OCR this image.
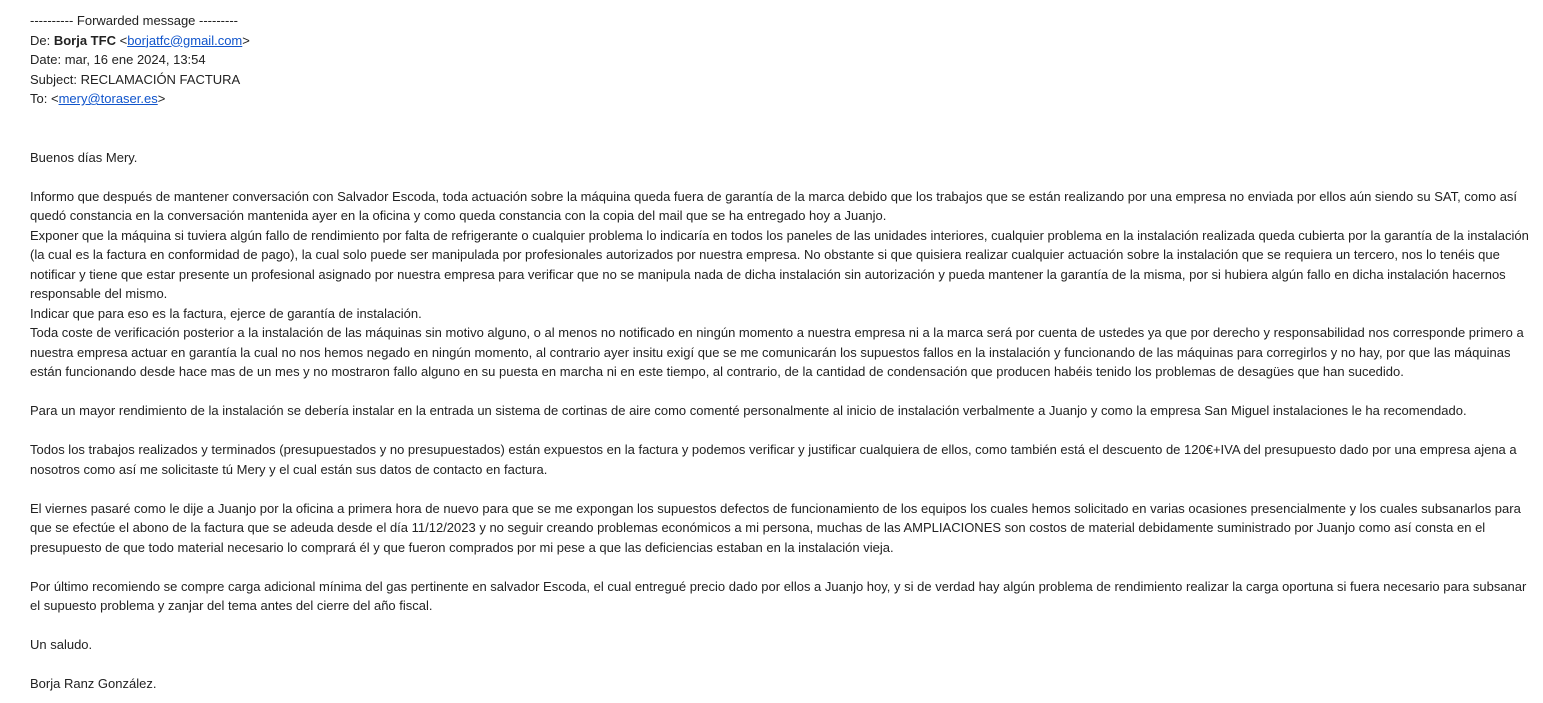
---------- Forwarded message ---------
De: Borja TFC <borjatfc@gmail.com>
Date: mar, 16 ene 2024, 13:54
Subject: RECLAMACIÓN FACTURA
To: <mery@toraser.es>

Buenos días Mery.

Informo que después de mantener conversación con Salvador Escoda, toda actuación sobre la máquina queda fuera de garantía de la marca debido que los trabajos que se están realizando por una empresa no enviada por ellos aún siendo su SAT, como así quedó constancia en la conversación mantenida ayer en la oficina y como queda constancia con la copia del mail que se ha entregado hoy a Juanjo.
Exponer que la máquina si tuviera algún fallo de rendimiento por falta de refrigerante o cualquier problema lo indicaría en todos los paneles de las unidades interiores, cualquier problema en la instalación realizada queda cubierta por la garantía de la instalación (la cual es la factura en conformidad de pago), la cual solo puede ser manipulada por profesionales autorizados por nuestra empresa. No obstante si que quisiera realizar cualquier actuación sobre la instalación que se requiera un tercero, nos lo tenéis que notificar y tiene que estar presente un profesional asignado por nuestra empresa para verificar que no se manipula nada de dicha instalación sin autorización y pueda mantener la garantía de la misma, por si hubiera algún fallo en dicha instalación hacernos responsable del mismo.
Indicar que para eso es la factura, ejerce de garantía de instalación.
Toda coste de verificación posterior a la instalación de las máquinas sin motivo alguno, o al menos no notificado en ningún momento a nuestra empresa ni a la marca será por cuenta de ustedes ya que por derecho y responsabilidad nos corresponde primero a nuestra empresa actuar en garantía la cual no nos hemos negado en ningún momento, al contrario ayer insitu exigí que se me comunicarán los supuestos fallos en la instalación y funcionando de las máquinas para corregirlos y no hay, por que las máquinas están funcionando desde hace mas de un mes y no mostraron fallo alguno en su puesta en marcha ni en este tiempo, al contrario, de la cantidad de condensación que producen habéis tenido los problemas de desagües que han sucedido.

Para un mayor rendimiento de la instalación se debería instalar en la entrada un sistema de cortinas de aire como comenté personalmente al inicio de instalación verbalmente a Juanjo y como la empresa San Miguel instalaciones le ha recomendado.

Todos los trabajos realizados y terminados (presupuestados y no presupuestados) están expuestos en la factura y podemos verificar y justificar cualquiera de ellos, como también está el descuento de 120€+IVA del presupuesto dado por una empresa ajena a nosotros como así me solicitaste tú Mery y el cual están sus datos de contacto en factura.

El viernes pasaré como le dije a Juanjo por la oficina a primera hora de nuevo para que se me expongan los supuestos defectos de funcionamiento de los equipos los cuales hemos solicitado en varias ocasiones presencialmente y los cuales subsanarlos para que se efectúe el abono de la factura que se adeuda desde el día 11/12/2023 y no seguir creando problemas económicos a mi persona, muchas de las AMPLIACIONES son costos de material debidamente suministrado por Juanjo como así consta en el presupuesto de que todo material necesario lo comprará él y que fueron comprados por mi pese a que las deficiencias estaban en la instalación vieja.

Por último recomiendo se compre carga adicional mínima del gas pertinente en salvador Escoda, el cual entregué precio dado por ellos a Juanjo hoy, y si de verdad hay algún problema de rendimiento realizar la carga oportuna si fuera necesario para subsanar el supuesto problema y zanjar del tema antes del cierre del año fiscal.

Un saludo.

Borja Ranz González.
